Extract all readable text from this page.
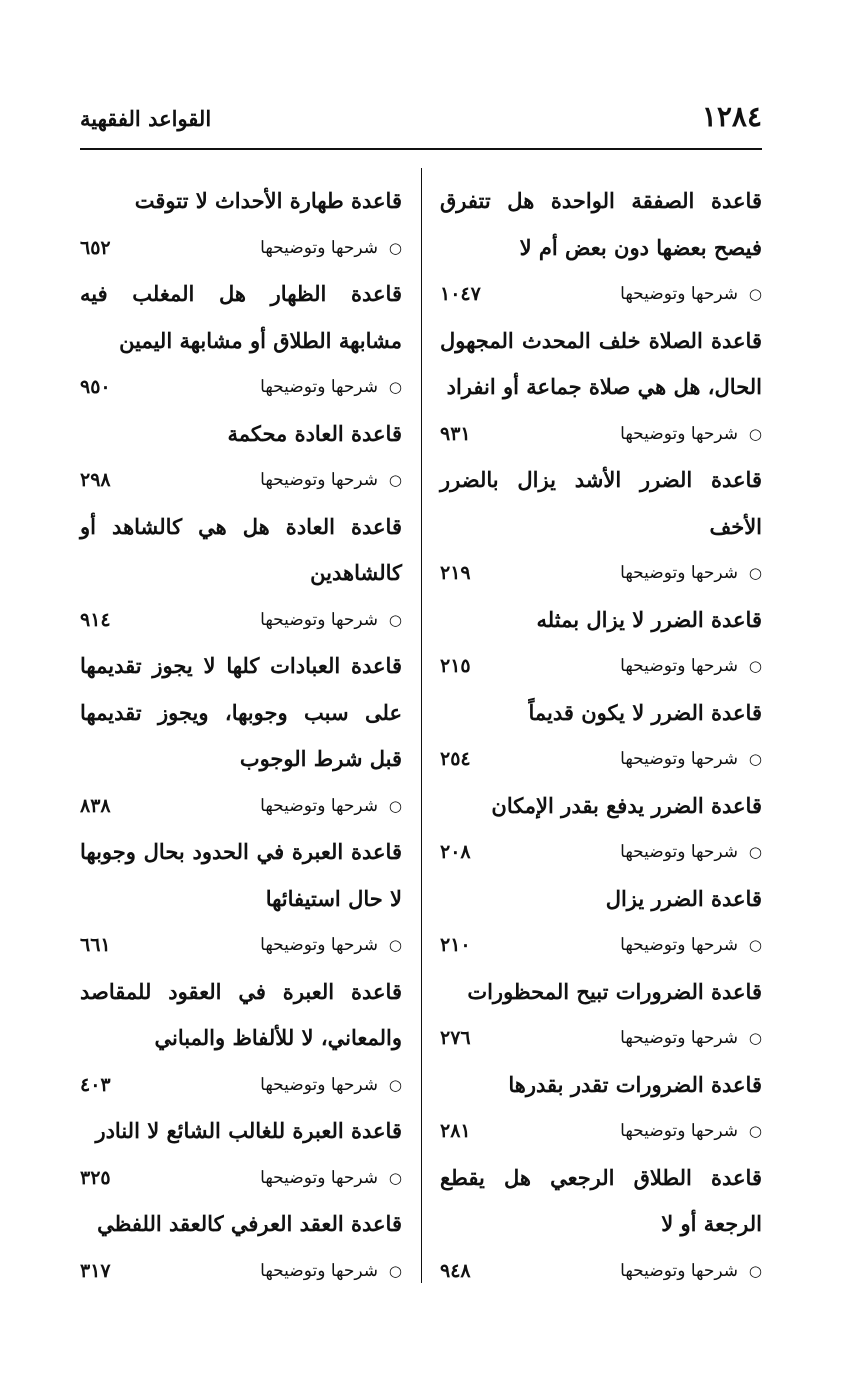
١٢٨٤
القواعد الفقهية
قاعدة الصفقة الواحدة هل تتفرق فيصح بعضها دون بعض أم لا
○
شرحها وتوضيحها
١٠٤٧
قاعدة الصلاة خلف المحدث المجهول الحال، هل هي صلاة جماعة أو انفراد
○
شرحها وتوضيحها
٩٣١
قاعدة الضرر الأشد يزال بالضرر الأخف
○
شرحها وتوضيحها
٢١٩
قاعدة الضرر لا يزال بمثله
○
شرحها وتوضيحها
٢١٥
قاعدة الضرر لا يكون قديماً
○
شرحها وتوضيحها
٢٥٤
قاعدة الضرر يدفع بقدر الإمكان
○
شرحها وتوضيحها
٢٠٨
قاعدة الضرر يزال
○
شرحها وتوضيحها
٢١٠
قاعدة الضرورات تبيح المحظورات
○
شرحها وتوضيحها
٢٧٦
قاعدة الضرورات تقدر بقدرها
○
شرحها وتوضيحها
٢٨١
قاعدة الطلاق الرجعي هل يقطع الرجعة أو لا
○
شرحها وتوضيحها
٩٤٨
قاعدة طهارة الأحداث لا تتوقت
○
شرحها وتوضيحها
٦٥٢
قاعدة الظهار هل المغلب فيه مشابهة الطلاق أو مشابهة اليمين
○
شرحها وتوضيحها
٩٥٠
قاعدة العادة محكمة
○
شرحها وتوضيحها
٢٩٨
قاعدة العادة هل هي كالشاهد أو كالشاهدين
○
شرحها وتوضيحها
٩١٤
قاعدة العبادات كلها لا يجوز تقديمها على سبب وجوبها، ويجوز تقديمها قبل شرط الوجوب
○
شرحها وتوضيحها
٨٣٨
قاعدة العبرة في الحدود بحال وجوبها لا حال استيفائها
○
شرحها وتوضيحها
٦٦١
قاعدة العبرة في العقود للمقاصد والمعاني، لا للألفاظ والمباني
○
شرحها وتوضيحها
٤٠٣
قاعدة العبرة للغالب الشائع لا النادر
○
شرحها وتوضيحها
٣٢٥
قاعدة العقد العرفي كالعقد اللفظي
○
شرحها وتوضيحها
٣١٧
